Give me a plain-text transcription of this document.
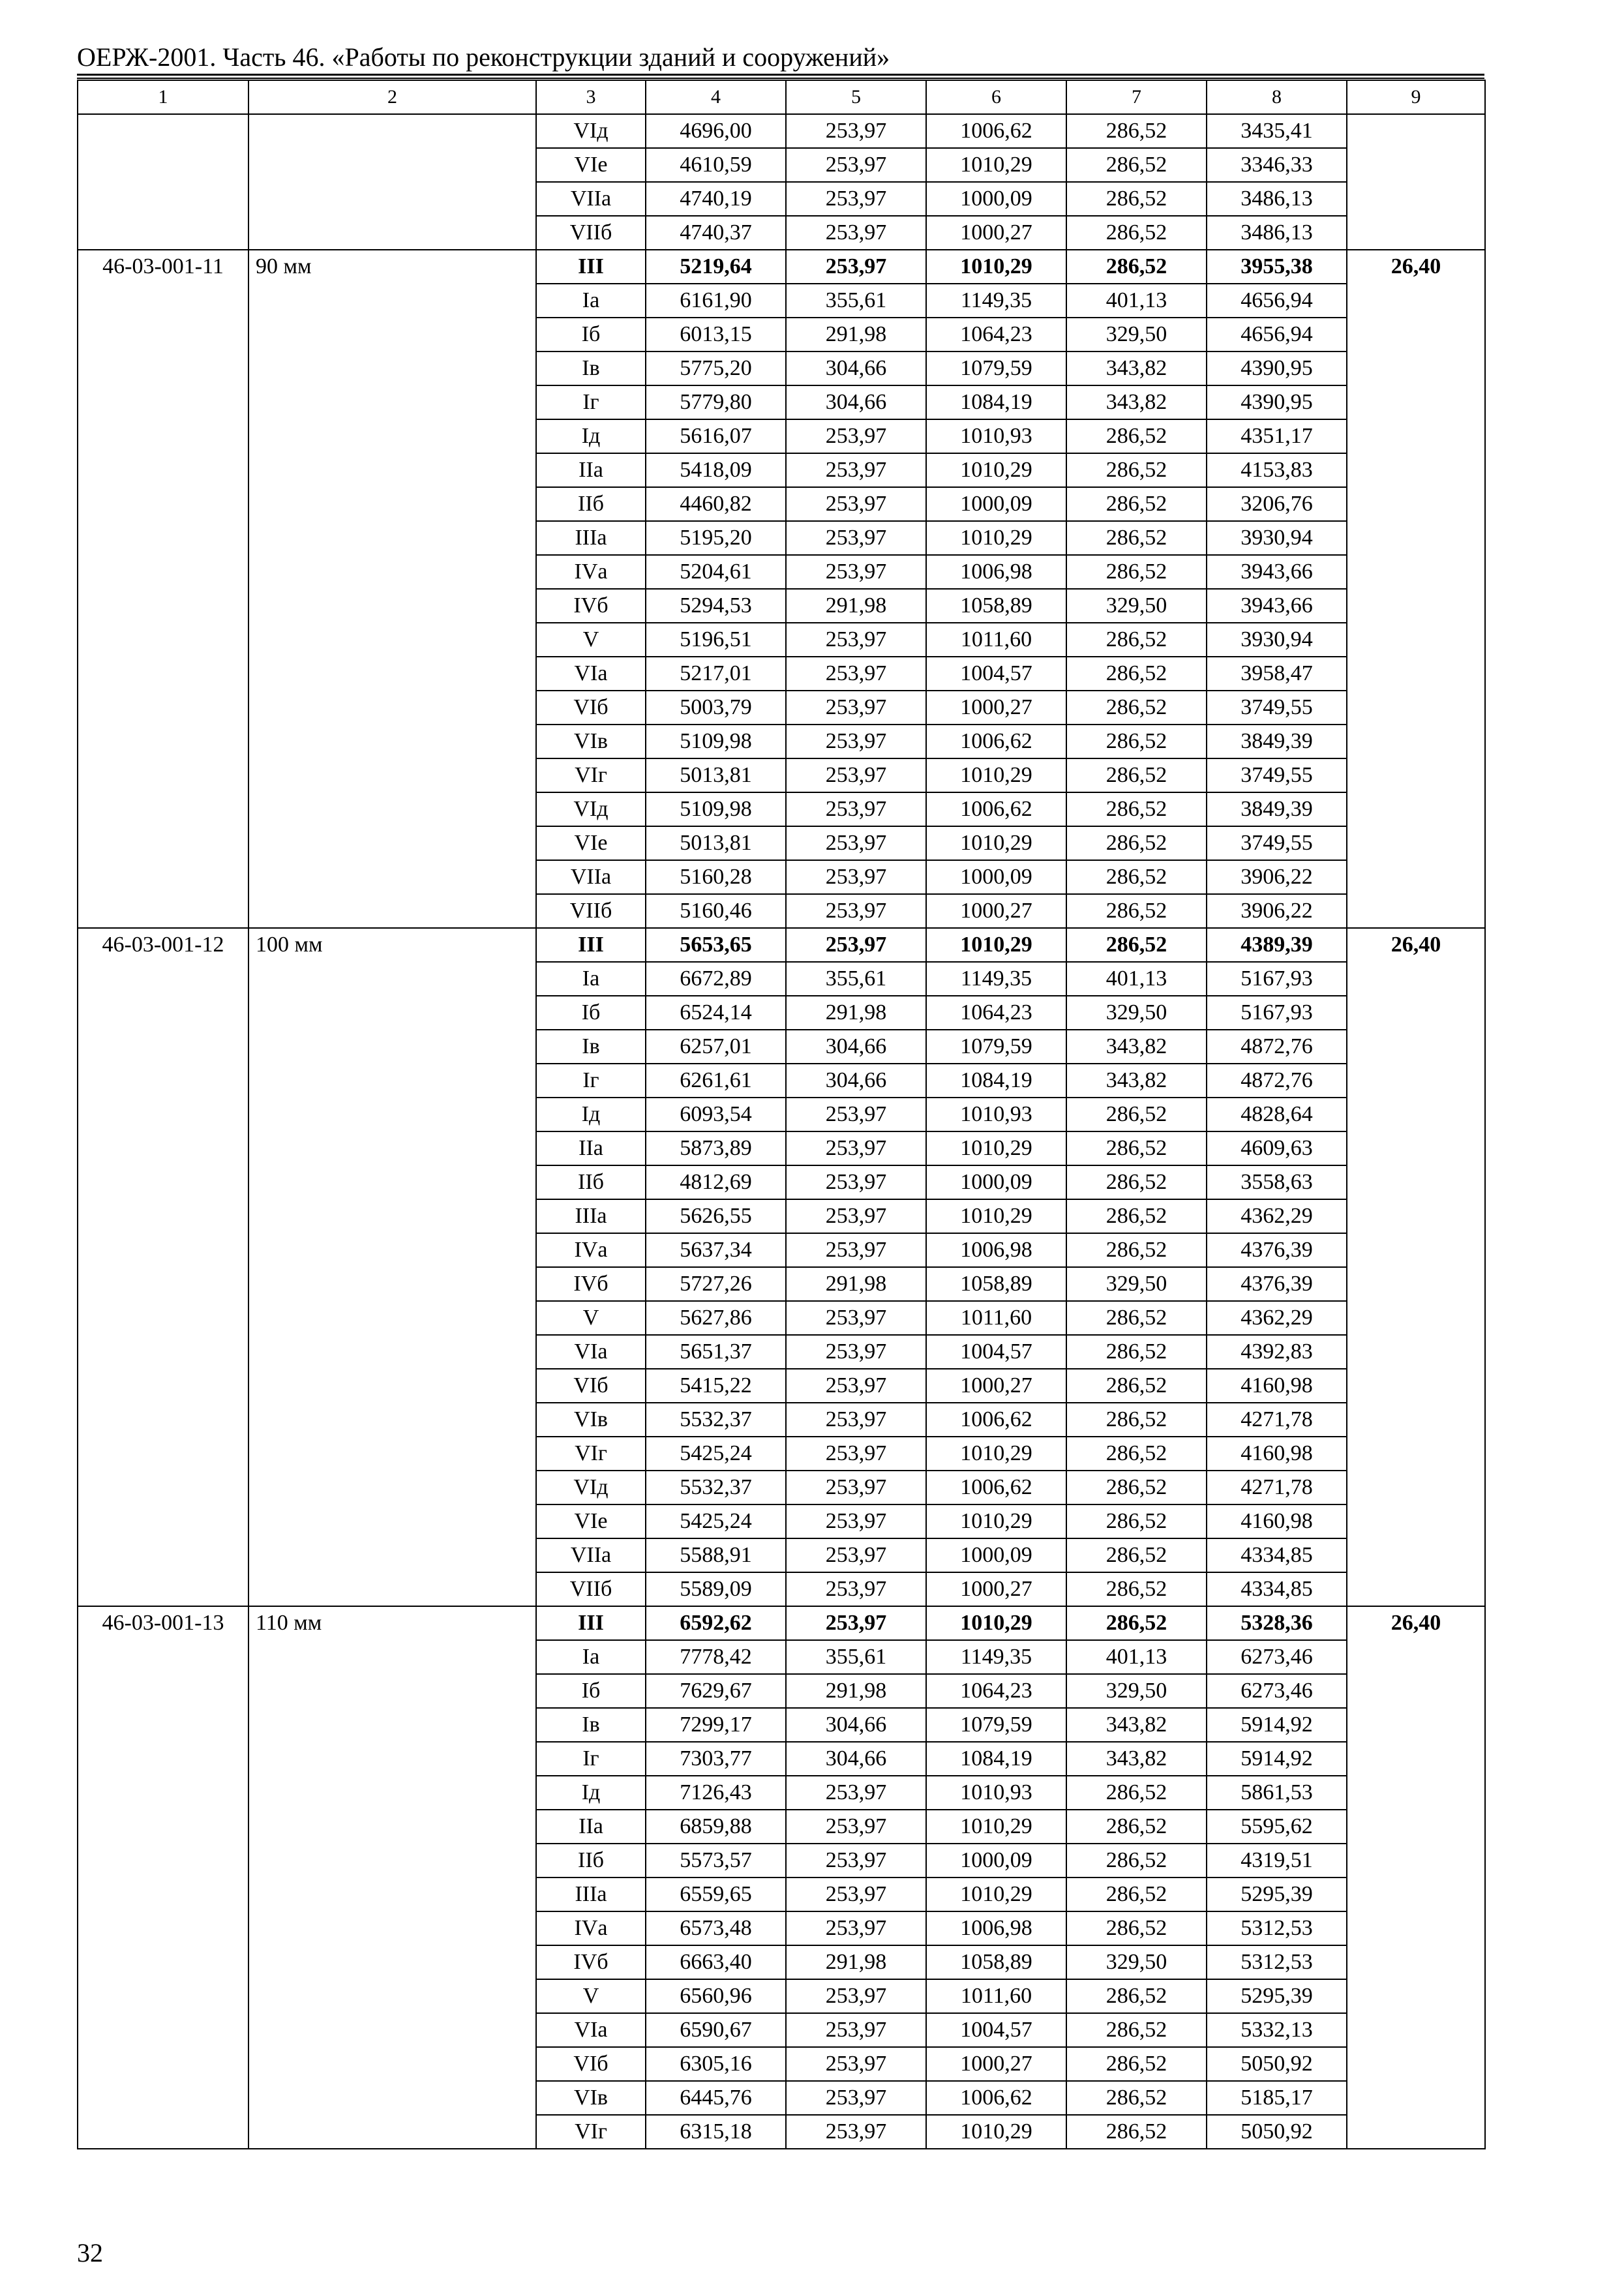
ОЕРЖ-2001. Часть 46. «Работы по реконструкции зданий и сооружений»
1	2	3	4	5	6	7	8	9
		VIд	4696,00	253,97	1006,62	286,52	3435,41	
		VIе	4610,59	253,97	1010,29	286,52	3346,33	
		VIIа	4740,19	253,97	1000,09	286,52	3486,13	
		VIIб	4740,37	253,97	1000,27	286,52	3486,13	
46-03-001-11	90 мм	III	5219,64	253,97	1010,29	286,52	3955,38	26,40
		Iа	6161,90	355,61	1149,35	401,13	4656,94	
		Iб	6013,15	291,98	1064,23	329,50	4656,94	
		Iв	5775,20	304,66	1079,59	343,82	4390,95	
		Iг	5779,80	304,66	1084,19	343,82	4390,95	
		Iд	5616,07	253,97	1010,93	286,52	4351,17	
		IIа	5418,09	253,97	1010,29	286,52	4153,83	
		IIб	4460,82	253,97	1000,09	286,52	3206,76	
		IIIа	5195,20	253,97	1010,29	286,52	3930,94	
		IVа	5204,61	253,97	1006,98	286,52	3943,66	
		IVб	5294,53	291,98	1058,89	329,50	3943,66	
		V	5196,51	253,97	1011,60	286,52	3930,94	
		VIа	5217,01	253,97	1004,57	286,52	3958,47	
		VIб	5003,79	253,97	1000,27	286,52	3749,55	
		VIв	5109,98	253,97	1006,62	286,52	3849,39	
		VIг	5013,81	253,97	1010,29	286,52	3749,55	
		VIд	5109,98	253,97	1006,62	286,52	3849,39	
		VIе	5013,81	253,97	1010,29	286,52	3749,55	
		VIIа	5160,28	253,97	1000,09	286,52	3906,22	
		VIIб	5160,46	253,97	1000,27	286,52	3906,22	
46-03-001-12	100 мм	III	5653,65	253,97	1010,29	286,52	4389,39	26,40
		Iа	6672,89	355,61	1149,35	401,13	5167,93	
		Iб	6524,14	291,98	1064,23	329,50	5167,93	
		Iв	6257,01	304,66	1079,59	343,82	4872,76	
		Iг	6261,61	304,66	1084,19	343,82	4872,76	
		Iд	6093,54	253,97	1010,93	286,52	4828,64	
		IIа	5873,89	253,97	1010,29	286,52	4609,63	
		IIб	4812,69	253,97	1000,09	286,52	3558,63	
		IIIа	5626,55	253,97	1010,29	286,52	4362,29	
		IVа	5637,34	253,97	1006,98	286,52	4376,39	
		IVб	5727,26	291,98	1058,89	329,50	4376,39	
		V	5627,86	253,97	1011,60	286,52	4362,29	
		VIа	5651,37	253,97	1004,57	286,52	4392,83	
		VIб	5415,22	253,97	1000,27	286,52	4160,98	
		VIв	5532,37	253,97	1006,62	286,52	4271,78	
		VIг	5425,24	253,97	1010,29	286,52	4160,98	
		VIд	5532,37	253,97	1006,62	286,52	4271,78	
		VIе	5425,24	253,97	1010,29	286,52	4160,98	
		VIIа	5588,91	253,97	1000,09	286,52	4334,85	
		VIIб	5589,09	253,97	1000,27	286,52	4334,85	
46-03-001-13	110 мм	III	6592,62	253,97	1010,29	286,52	5328,36	26,40
		Iа	7778,42	355,61	1149,35	401,13	6273,46	
		Iб	7629,67	291,98	1064,23	329,50	6273,46	
		Iв	7299,17	304,66	1079,59	343,82	5914,92	
		Iг	7303,77	304,66	1084,19	343,82	5914,92	
		Iд	7126,43	253,97	1010,93	286,52	5861,53	
		IIа	6859,88	253,97	1010,29	286,52	5595,62	
		IIб	5573,57	253,97	1000,09	286,52	4319,51	
		IIIа	6559,65	253,97	1010,29	286,52	5295,39	
		IVа	6573,48	253,97	1006,98	286,52	5312,53	
		IVб	6663,40	291,98	1058,89	329,50	5312,53	
		V	6560,96	253,97	1011,60	286,52	5295,39	
		VIа	6590,67	253,97	1004,57	286,52	5332,13	
		VIб	6305,16	253,97	1000,27	286,52	5050,92	
		VIв	6445,76	253,97	1006,62	286,52	5185,17	
		VIг	6315,18	253,97	1010,29	286,52	5050,92	
32
